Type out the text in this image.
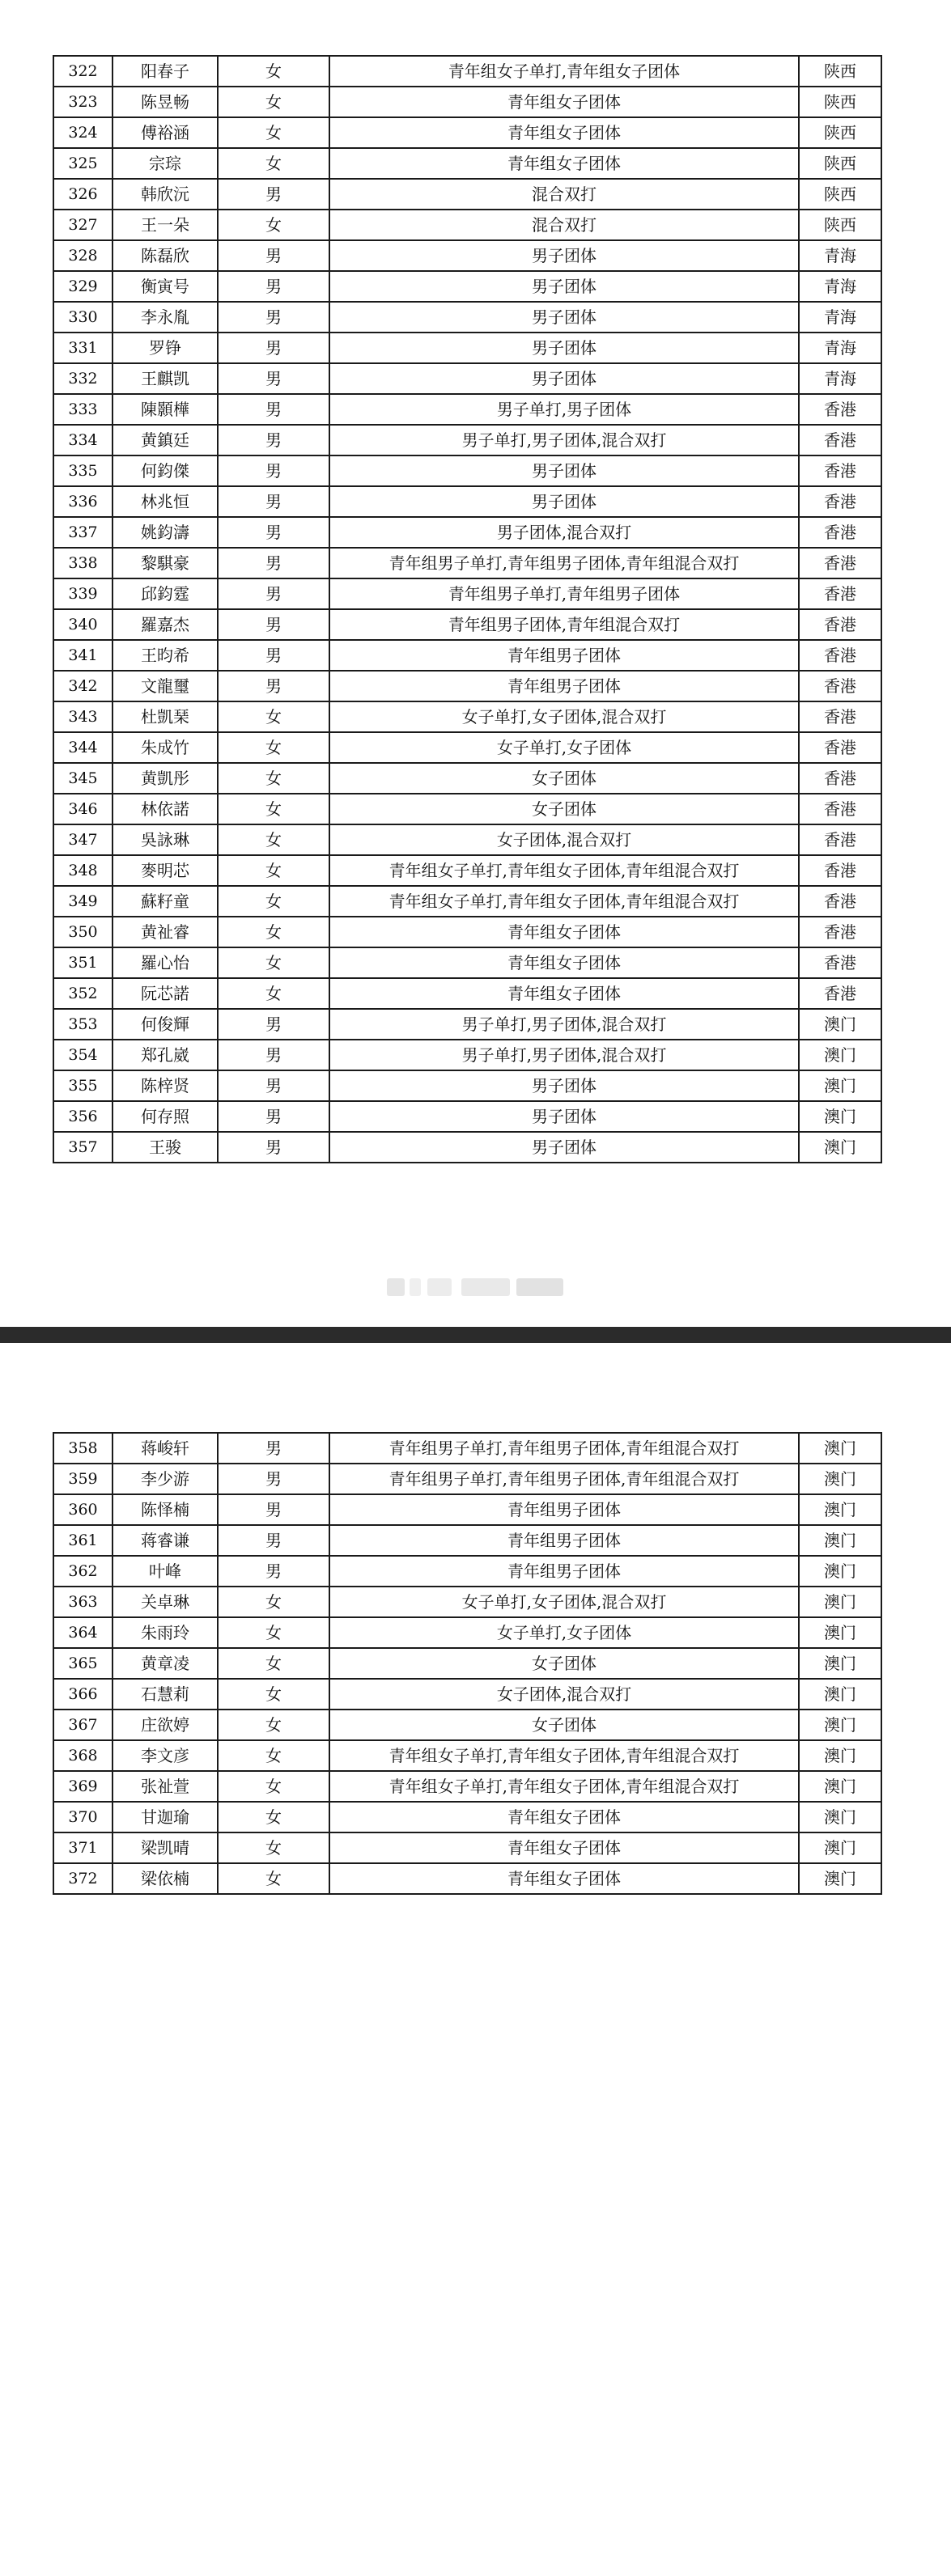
322	阳春子	女	青年组女子单打,青年组女子团体	陕西
323	陈昱畅	女	青年组女子团体	陕西
324	傅裕涵	女	青年组女子团体	陕西
325	宗琮	女	青年组女子团体	陕西
326	韩欣沅	男	混合双打	陕西
327	王一朵	女	混合双打	陕西
328	陈磊欣	男	男子团体	青海
329	衡寅号	男	男子团体	青海
330	李永胤	男	男子团体	青海
331	罗铮	男	男子团体	青海
332	王麒凯	男	男子团体	青海
333	陳顥樺	男	男子单打,男子团体	香港
334	黄鎮廷	男	男子单打,男子团体,混合双打	香港
335	何鈞傑	男	男子团体	香港
336	林兆恒	男	男子团体	香港
337	姚鈞濤	男	男子团体,混合双打	香港
338	黎騏豪	男	青年组男子单打,青年组男子团体,青年组混合双打	香港
339	邱鈞霆	男	青年组男子单打,青年组男子团体	香港
340	羅嘉杰	男	青年组男子团体,青年组混合双打	香港
341	王昀希	男	青年组男子团体	香港
342	文龍璽	男	青年组男子团体	香港
343	杜凱琹	女	女子单打,女子团体,混合双打	香港
344	朱成竹	女	女子单打,女子团体	香港
345	黄凱彤	女	女子团体	香港
346	林依諾	女	女子团体	香港
347	吳詠琳	女	女子团体,混合双打	香港
348	麥明芯	女	青年组女子单打,青年组女子团体,青年组混合双打	香港
349	蘇籽童	女	青年组女子单打,青年组女子团体,青年组混合双打	香港
350	黄祉睿	女	青年组女子团体	香港
351	羅心怡	女	青年组女子团体	香港
352	阮芯諾	女	青年组女子团体	香港
353	何俊輝	男	男子单打,男子团体,混合双打	澳门
354	郑孔崴	男	男子单打,男子团体,混合双打	澳门
355	陈梓贤	男	男子团体	澳门
356	何存照	男	男子团体	澳门
357	王骏	男	男子团体	澳门
358	蒋峻轩	男	青年组男子单打,青年组男子团体,青年组混合双打	澳门
359	李少游	男	青年组男子单打,青年组男子团体,青年组混合双打	澳门
360	陈怿楠	男	青年组男子团体	澳门
361	蒋睿谦	男	青年组男子团体	澳门
362	叶峰	男	青年组男子团体	澳门
363	关卓琳	女	女子单打,女子团体,混合双打	澳门
364	朱雨玲	女	女子单打,女子团体	澳门
365	黄章凌	女	女子团体	澳门
366	石慧莉	女	女子团体,混合双打	澳门
367	庄欲婷	女	女子团体	澳门
368	李文彦	女	青年组女子单打,青年组女子团体,青年组混合双打	澳门
369	张祉萱	女	青年组女子单打,青年组女子团体,青年组混合双打	澳门
370	甘迦瑜	女	青年组女子团体	澳门
371	梁凯晴	女	青年组女子团体	澳门
372	梁依楠	女	青年组女子团体	澳门
